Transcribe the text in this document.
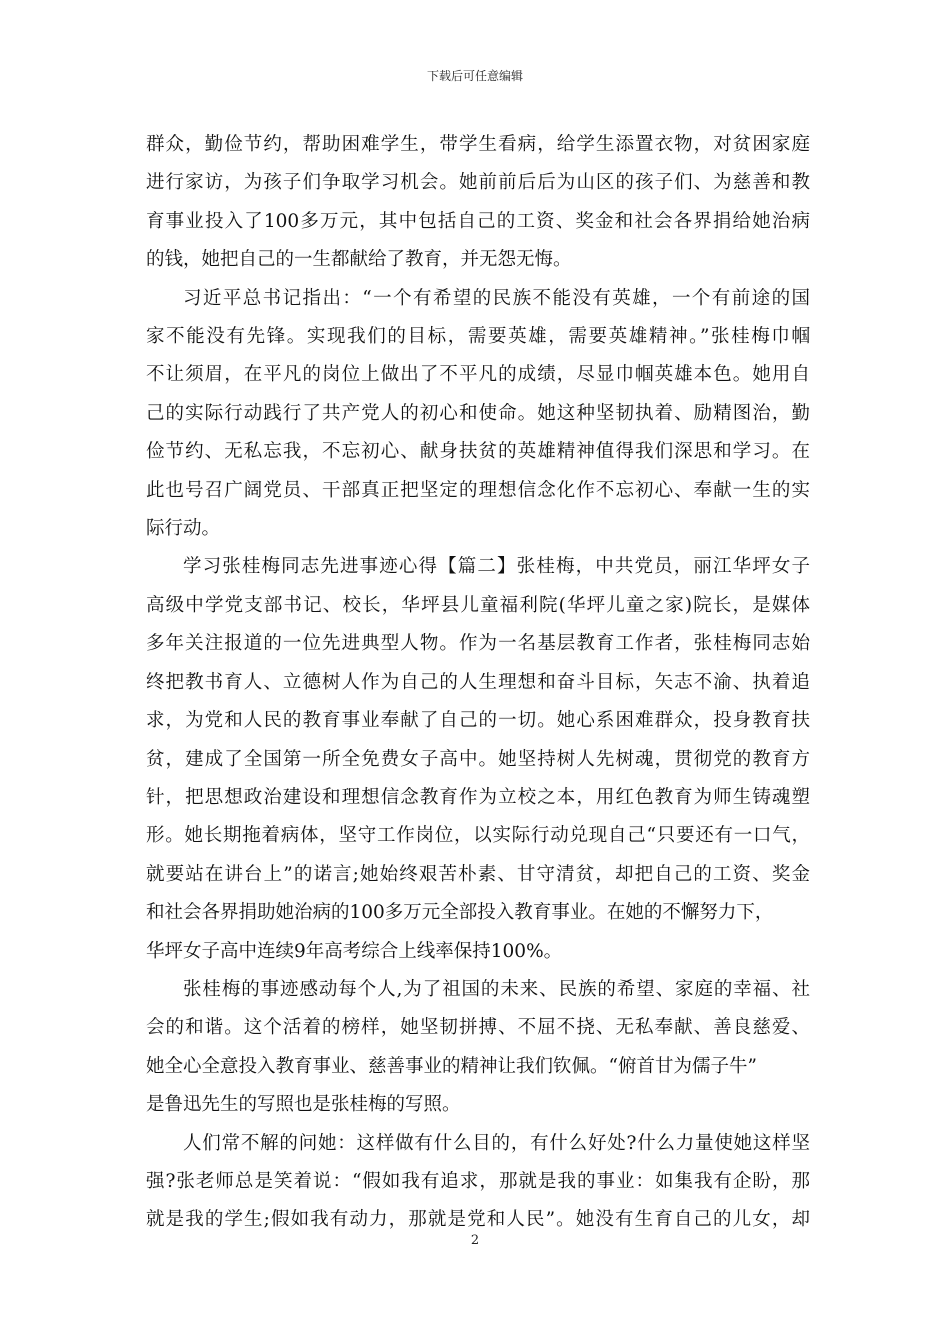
下载后可任意编辑
群众，勤俭节约，帮助困难学生，带学生看病，给学生添置衣物，对贫困家庭
进行家访，为孩子们争取学习机会。她前前后后为山区的孩子们、为慈善和教
育事业投入了100多万元，其中包括自己的工资、奖金和社会各界捐给她治病
的钱，她把自己的一生都献给了教育，并无怨无悔。
习近平总书记指出：“一个有希望的民族不能没有英雄，一个有前途的国
家不能没有先锋。实现我们的目标，需要英雄，需要英雄精神。”张桂梅巾帼
不让须眉，在平凡的岗位上做出了不平凡的成绩，尽显巾帼英雄本色。她用自
己的实际行动践行了共产党人的初心和使命。她这种坚韧执着、励精图治，勤
俭节约、无私忘我，不忘初心、献身扶贫的英雄精神值得我们深思和学习。在
此也号召广阔党员、干部真正把坚定的理想信念化作不忘初心、奉献一生的实
际行动。
学习张桂梅同志先进事迹心得【篇二】张桂梅，中共党员，丽江华坪女子
高级中学党支部书记、校长，华坪县儿童福利院(华坪儿童之家)院长，是媒体
多年关注报道的一位先进典型人物。作为一名基层教育工作者，张桂梅同志始
终把教书育人、立德树人作为自己的人生理想和奋斗目标，矢志不渝、执着追
求，为党和人民的教育事业奉献了自己的一切。她心系困难群众，投身教育扶
贫，建成了全国第一所全免费女子高中。她坚持树人先树魂，贯彻党的教育方
针，把思想政治建设和理想信念教育作为立校之本，用红色教育为师生铸魂塑
形。她长期拖着病体，坚守工作岗位，以实际行动兑现自己“只要还有一口气，
就要站在讲台上”的诺言;她始终艰苦朴素、甘守清贫，却把自己的工资、奖金
和社会各界捐助她治病的100多万元全部投入教育事业。在她的不懈努力下，
华坪女子高中连续9年高考综合上线率保持100%。
张桂梅的事迹感动每个人,为了祖国的未来、民族的希望、家庭的幸福、社
会的和谐。这个活着的榜样，她坚韧拼搏、不屈不挠、无私奉献、善良慈爱、
她全心全意投入教育事业、慈善事业的精神让我们钦佩。“俯首甘为儒子牛”
是鲁迅先生的写照也是张桂梅的写照。
人们常不解的问她：这样做有什么目的，有什么好处?什么力量使她这样坚
强?张老师总是笑着说：“假如我有追求，那就是我的事业：如集我有企盼，那
就是我的学生;假如我有动力，那就是党和人民”。她没有生育自己的儿女，却
2
